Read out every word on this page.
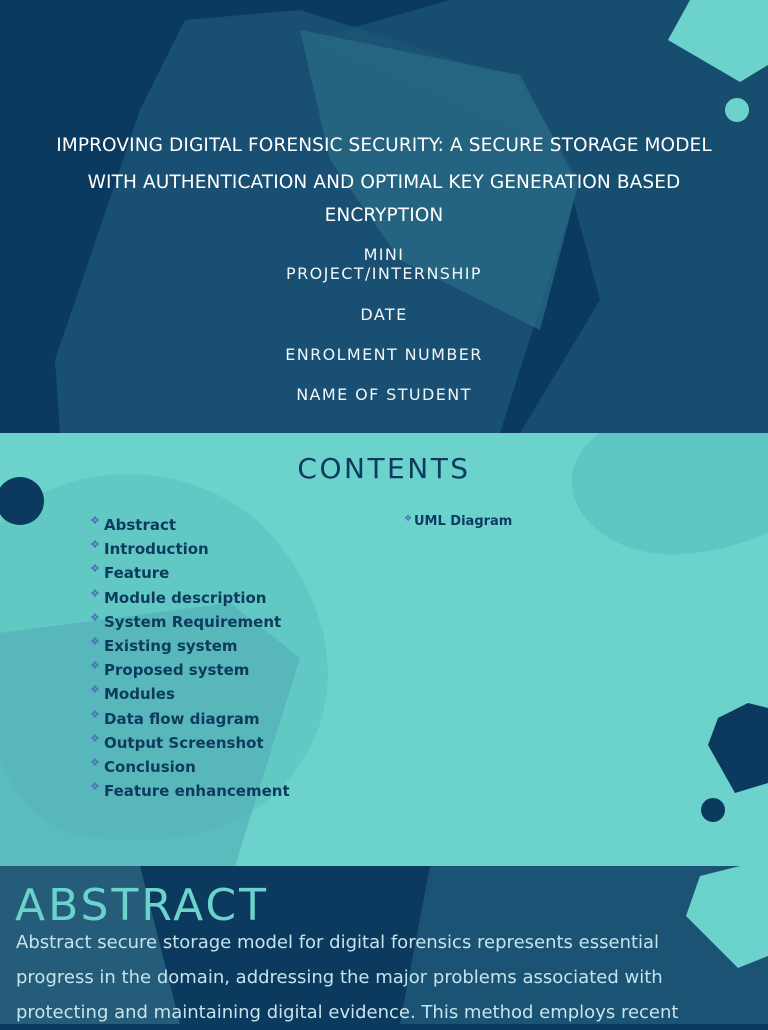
IMPROVING DIGITAL FORENSIC SECURITY: A SECURE STORAGE MODEL
WITH AUTHENTICATION AND OPTIMAL KEY GENERATION BASED
ENCRYPTION
MINI
PROJECT/INTERNSHIP
DATE
ENROLMENT NUMBER
NAME OF STUDENT
CONTENTS
❖ Abstract
❖ Introduction
❖ Feature
❖ Module description
❖ System Requirement
❖ Existing system
❖ Proposed system
❖ Modules
❖ Data flow diagram
❖ Output Screenshot
❖ Conclusion
❖ Feature enhancement
❖ UML Diagram
ABSTRACT
Abstract secure storage model for digital forensics represents essential progress in the domain, addressing the major problems associated with protecting and maintaining digital evidence. This method employs recent
